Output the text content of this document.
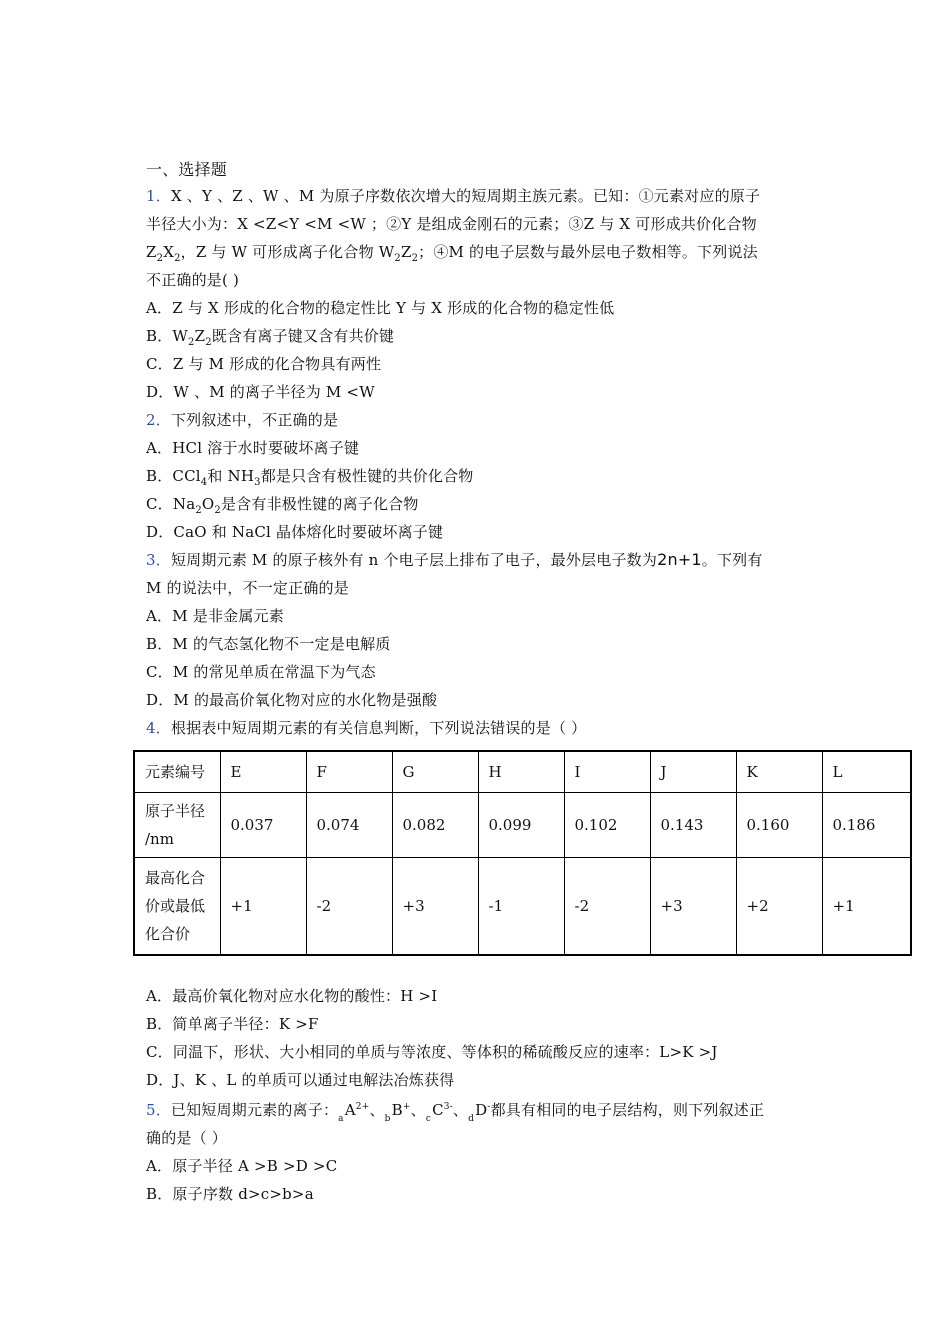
一、选择题
1．X 、Y 、Z 、W 、M 为原子序数依次增大的短周期主族元素。已知：①元素对应的原子
半径大小为：X <Z<Y <M <W ；②Y 是组成金刚石的元素；③Z 与 X 可形成共价化合物
$Z_2X_2$，Z 与 W 可形成离子化合物 $W_2Z_2$；④M 的电子层数与最外层电子数相等。下列说法
不正确的是( )
A．Z 与 X 形成的化合物的稳定性比 Y 与 X 形成的化合物的稳定性低
B．$W_2Z_2$既含有离子键又含有共价键
C．Z 与 M 形成的化合物具有两性
D．W 、M 的离子半径为 M <W
2．下列叙述中，不正确的是
A．HCl 溶于水时要破坏离子键
B．CCl$_4$和 $NH_3$都是只含有极性键的共价化合物
C．$Na_2O_2$是含有非极性键的离子化合物
D．CaO 和 NaCl 晶体熔化时要破坏离子键
3．短周期元素 M 的原子核外有 n 个电子层上排布了电子，最外层电子数为2n+1。下列有
M 的说法中，不一定正确的是
A．M 是非金属元素
B．M 的气态氢化物不一定是电解质
C．M 的常见单质在常温下为气态
D．M 的最高价氧化物对应的水化物是强酸
4．根据表中短周期元素的有关信息判断，下列说法错误的是（ ）
元素编号	E	F	G	H	I	J	K	L

原子半径
/nm	0.037	0.074	0.082	0.099	0.102	0.143	0.160	0.186

最高化合
价或最低
化合价	+1	-2	+3	-1	-2	+3	+2	+1
A．最高价氧化物对应水化物的酸性：H >I
B．简单离子半径：K >F
C．同温下，形状、大小相同的单质与等浓度、等体积的稀硫酸反应的速率：L>K >J
D．J、K 、L 的单质可以通过电解法冶炼获得
5．已知短周期元素的离子：$aA^{2+}$、bB+、$cC^{3-}$、dD-都具有相同的电子层结构，则下列叙述正
确的是（ ）
A．原子半径 A >B >D >C
B．原子序数 d>c>b>a
